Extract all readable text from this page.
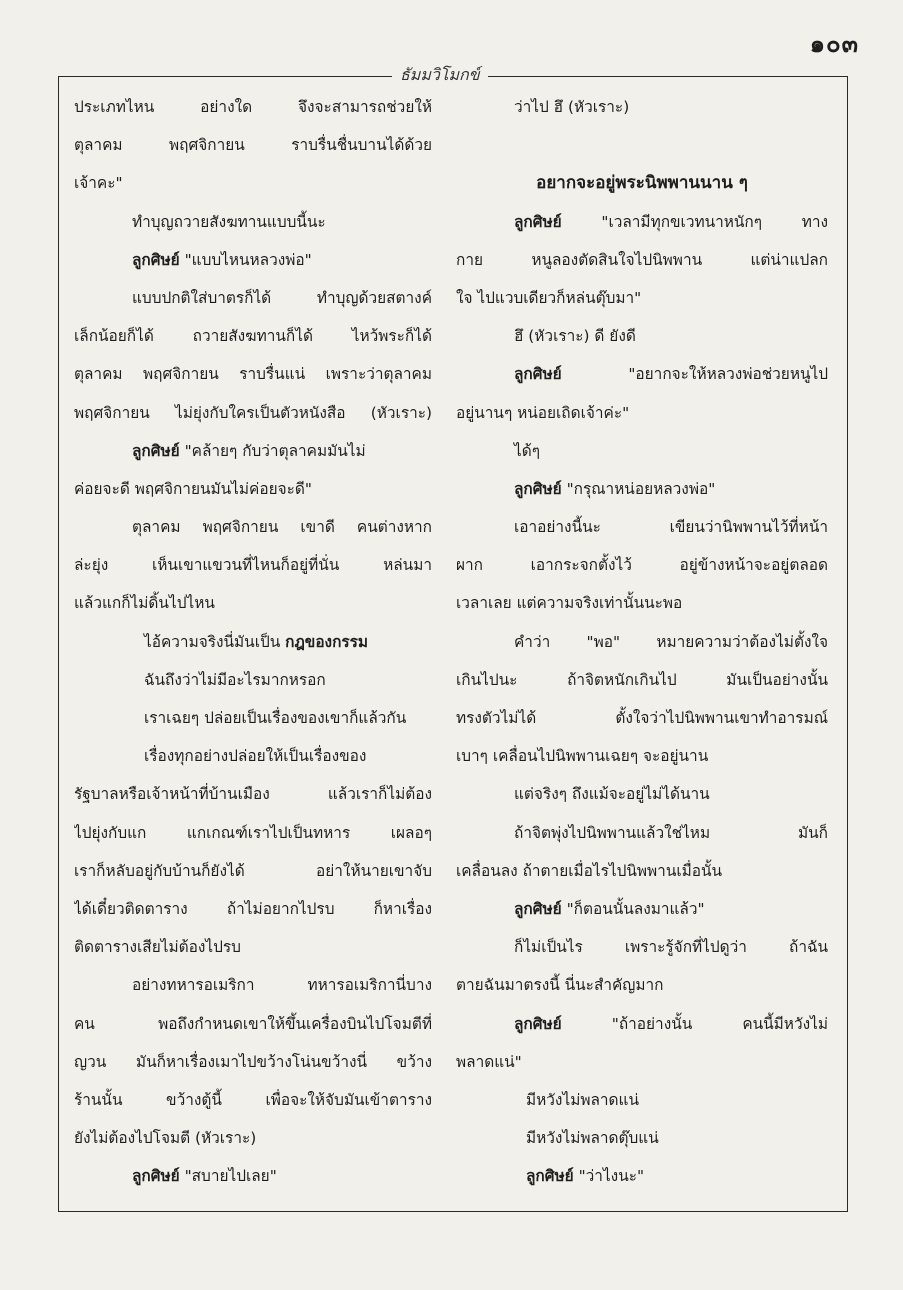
๑๐๓
ธัมมวิโมกข์
ประเภทไหน อย่างใด จึงจะสามารถช่วยให้
ตุลาคม พฤศจิกายน ราบรื่นชื่นบานได้ด้วย
เจ้าคะ"
ทำบุญถวายสังฆทานแบบนี้นะ
ลูกศิษย์ "แบบไหนหลวงพ่อ"
แบบปกติใส่บาตรก็ได้ ทำบุญด้วยสตางค์
เล็กน้อยก็ได้ ถวายสังฆทานก็ได้ ไหว้พระก็ได้
ตุลาคม พฤศจิกายน ราบรื่นแน่ เพราะว่าตุลาคม
พฤศจิกายน ไม่ยุ่งกับใครเป็นตัวหนังสือ (หัวเราะ)
ลูกศิษย์ "คล้ายๆ กับว่าตุลาคมมันไม่
ค่อยจะดี พฤศจิกายนมันไม่ค่อยจะดี"
ตุลาคม พฤศจิกายน เขาดี คนต่างหาก
ล่ะยุ่ง เห็นเขาแขวนที่ไหนก็อยู่ที่นั่น หล่นมา
แล้วแกก็ไม่ดิ้นไปไหน
ไอ้ความจริงนี่มันเป็น กฎของกรรม
ฉันถึงว่าไม่มีอะไรมากหรอก
เราเฉยๆ ปล่อยเป็นเรื่องของเขาก็แล้วกัน
เรื่องทุกอย่างปล่อยให้เป็นเรื่องของ
รัฐบาลหรือเจ้าหน้าที่บ้านเมือง แล้วเราก็ไม่ต้อง
ไปยุ่งกับแก แกเกณฑ์เราไปเป็นทหาร เผลอๆ
เราก็หลับอยู่กับบ้านก็ยังได้ อย่าให้นายเขาจับ
ได้เดี๋ยวติดตาราง ถ้าไม่อยากไปรบ ก็หาเรื่อง
ติดตารางเสียไม่ต้องไปรบ
อย่างทหารอเมริกา ทหารอเมริกานี่บาง
คน พอถึงกำหนดเขาให้ขึ้นเครื่องบินไปโจมตีที่
ญวน มันก็หาเรื่องเมาไปขว้างโน่นขว้างนี่ ขว้าง
ร้านนั้น ขว้างตู้นี้ เพื่อจะให้จับมันเข้าตาราง
ยังไม่ต้องไปโจมตี (หัวเราะ)
ลูกศิษย์ "สบายไปเลย"
ว่าไป ฮึ (หัวเราะ)
อยากจะอยู่พระนิพพานนาน ๆ
ลูกศิษย์ "เวลามีทุกขเวทนาหนักๆ ทาง
กาย หนูลองตัดสินใจไปนิพพาน แต่น่าแปลก
ใจ ไปแวบเดียวก็หล่นตุ๊บมา"
ฮึ (หัวเราะ) ดี ยังดี
ลูกศิษย์ "อยากจะให้หลวงพ่อช่วยหนูไป
อยู่นานๆ หน่อยเถิดเจ้าค่ะ"
ได้ๆ
ลูกศิษย์ "กรุณาหน่อยหลวงพ่อ"
เอาอย่างนี้นะ เขียนว่านิพพานไว้ที่หน้า
ผาก เอากระจกตั้งไว้ อยู่ข้างหน้าจะอยู่ตลอด
เวลาเลย แต่ความจริงเท่านั้นนะพอ
คำว่า "พอ" หมายความว่าต้องไม่ตั้งใจ
เกินไปนะ ถ้าจิตหนักเกินไป มันเป็นอย่างนั้น
ทรงตัวไม่ได้ ตั้งใจว่าไปนิพพานเขาทำอารมณ์
เบาๆ เคลื่อนไปนิพพานเฉยๆ จะอยู่นาน
แต่จริงๆ ถึงแม้จะอยู่ไม่ได้นาน
ถ้าจิตพุ่งไปนิพพานแล้วใช่ไหม มันก็
เคลื่อนลง ถ้าตายเมื่อไรไปนิพพานเมื่อนั้น
ลูกศิษย์ "ก็ตอนนั้นลงมาแล้ว"
ก็ไม่เป็นไร เพราะรู้จักที่ไปดูว่า ถ้าฉัน
ตายฉันมาตรงนี้ นี่นะสำคัญมาก
ลูกศิษย์ "ถ้าอย่างนั้น คนนี้มีหวังไม่
พลาดแน่"
มีหวังไม่พลาดแน่
มีหวังไม่พลาดตุ๊บแน่
ลูกศิษย์ "ว่าไงนะ"
